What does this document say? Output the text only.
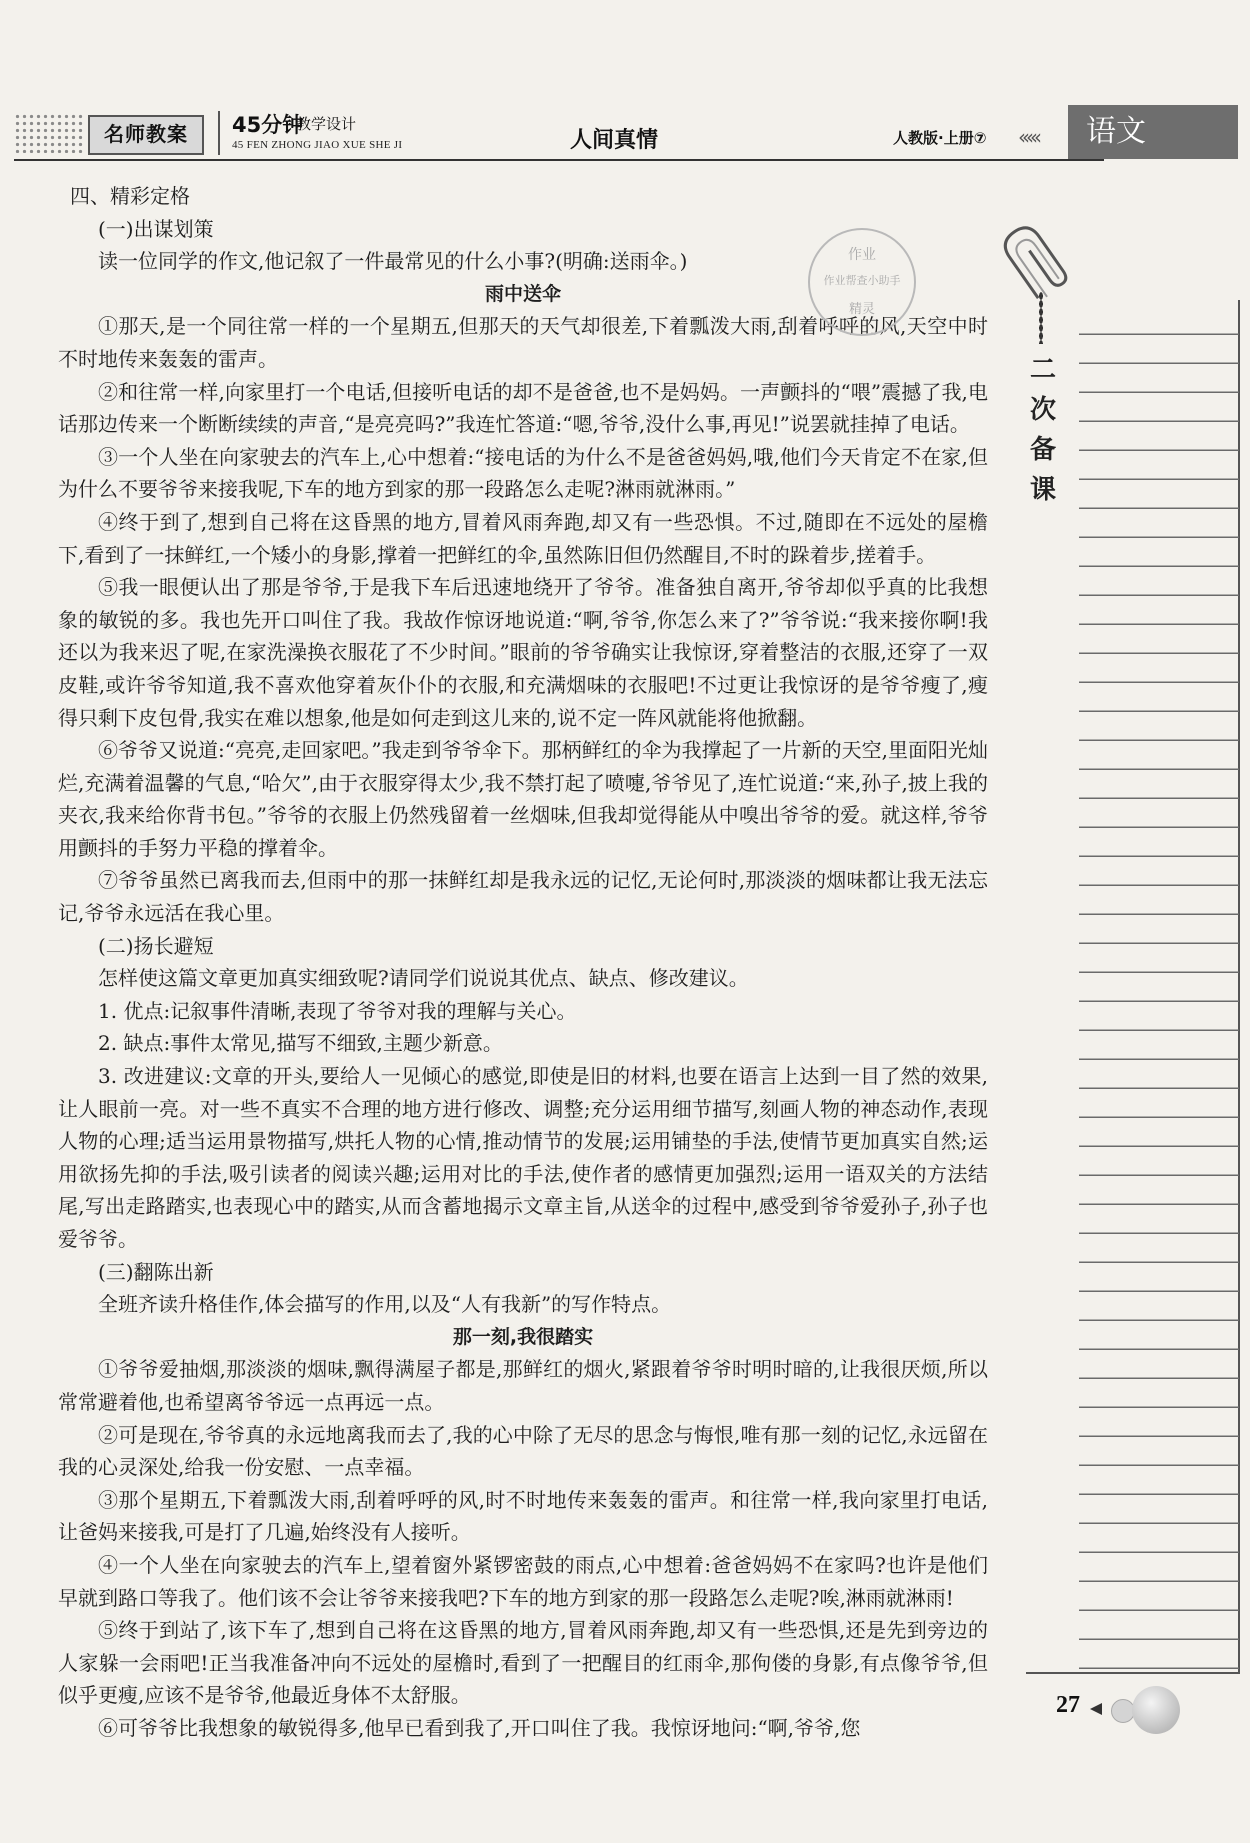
名师教案	45分钟
教学设计
45 FEN ZHONG JIAO XUE SHE JI	人间真情	人教版·上册⑦ ‹‹‹‹‹	语文

四、精彩定格

(一)出谋划策

读一位同学的作文,他记叙了一件最常见的什么小事?(明确:送雨伞。)

雨中送伞

①那天,是一个同往常一样的一个星期五,但那天的天气却很差,下着瓢泼大雨,刮着呼呼的风,天空中时不时地传来轰轰的雷声。

②和往常一样,向家里打一个电话,但接听电话的却不是爸爸,也不是妈妈。一声颤抖的“喂”震撼了我,电话那边传来一个断断续续的声音,“是亮亮吗?”我连忙答道:“嗯,爷爷,没什么事,再见!”说罢就挂掉了电话。

③一个人坐在向家驶去的汽车上,心中想着:“接电话的为什么不是爸爸妈妈,哦,他们今天肯定不在家,但为什么不要爷爷来接我呢,下车的地方到家的那一段路怎么走呢?淋雨就淋雨。”

④终于到了,想到自己将在这昏黑的地方,冒着风雨奔跑,却又有一些恐惧。不过,随即在不远处的屋檐下,看到了一抹鲜红,一个矮小的身影,撑着一把鲜红的伞,虽然陈旧但仍然醒目,不时的跺着步,搓着手。

⑤我一眼便认出了那是爷爷,于是我下车后迅速地绕开了爷爷。准备独自离开,爷爷却似乎真的比我想象的敏锐的多。我也先开口叫住了我。我故作惊讶地说道:“啊,爷爷,你怎么来了?”爷爷说:“我来接你啊!我还以为我来迟了呢,在家洗澡换衣服花了不少时间。”眼前的爷爷确实让我惊讶,穿着整洁的衣服,还穿了一双皮鞋,或许爷爷知道,我不喜欢他穿着灰仆仆的衣服,和充满烟味的衣服吧!不过更让我惊讶的是爷爷瘦了,瘦得只剩下皮包骨,我实在难以想象,他是如何走到这儿来的,说不定一阵风就能将他掀翻。

⑥爷爷又说道:“亮亮,走回家吧。”我走到爷爷伞下。那柄鲜红的伞为我撑起了一片新的天空,里面阳光灿烂,充满着温馨的气息,“哈欠”,由于衣服穿得太少,我不禁打起了喷嚏,爷爷见了,连忙说道:“来,孙子,披上我的夹衣,我来给你背书包。”爷爷的衣服上仍然残留着一丝烟味,但我却觉得能从中嗅出爷爷的爱。就这样,爷爷用颤抖的手努力平稳的撑着伞。

⑦爷爷虽然已离我而去,但雨中的那一抹鲜红却是我永远的记忆,无论何时,那淡淡的烟味都让我无法忘记,爷爷永远活在我心里。

(二)扬长避短

怎样使这篇文章更加真实细致呢?请同学们说说其优点、缺点、修改建议。

1. 优点:记叙事件清晰,表现了爷爷对我的理解与关心。

2. 缺点:事件太常见,描写不细致,主题少新意。

3. 改进建议:文章的开头,要给人一见倾心的感觉,即使是旧的材料,也要在语言上达到一目了然的效果,让人眼前一亮。对一些不真实不合理的地方进行修改、调整;充分运用细节描写,刻画人物的神态动作,表现人物的心理;适当运用景物描写,烘托人物的心情,推动情节的发展;运用铺垫的手法,使情节更加真实自然;运用欲扬先抑的手法,吸引读者的阅读兴趣;运用对比的手法,使作者的感情更加强烈;运用一语双关的方法结尾,写出走路踏实,也表现心中的踏实,从而含蓄地揭示文章主旨,从送伞的过程中,感受到爷爷爱孙子,孙子也爱爷爷。

(三)翻陈出新

全班齐读升格佳作,体会描写的作用,以及“人有我新”的写作特点。

那一刻,我很踏实

①爷爷爱抽烟,那淡淡的烟味,飘得满屋子都是,那鲜红的烟火,紧跟着爷爷时明时暗的,让我很厌烦,所以常常避着他,也希望离爷爷远一点再远一点。

②可是现在,爷爷真的永远地离我而去了,我的心中除了无尽的思念与悔恨,唯有那一刻的记忆,永远留在我的心灵深处,给我一份安慰、一点幸福。

③那个星期五,下着瓢泼大雨,刮着呼呼的风,时不时地传来轰轰的雷声。和往常一样,我向家里打电话,让爸妈来接我,可是打了几遍,始终没有人接听。

④一个人坐在向家驶去的汽车上,望着窗外紧锣密鼓的雨点,心中想着:爸爸妈妈不在家吗?也许是他们早就到路口等我了。他们该不会让爷爷来接我吧?下车的地方到家的那一段路怎么走呢?唉,淋雨就淋雨!

⑤终于到站了,该下车了,想到自己将在这昏黑的地方,冒着风雨奔跑,却又有一些恐惧,还是先到旁边的人家躲一会雨吧!正当我准备冲向不远处的屋檐时,看到了一把醒目的红雨伞,那佝偻的身影,有点像爷爷,但似乎更瘦,应该不是爷爷,他最近身体不太舒服。

⑥可爷爷比我想象的敏锐得多,他早已看到我了,开口叫住了我。我惊讶地问:“啊,爷爷,您

作业
作业帮查小助手
精灵
二
次
备
课
27
